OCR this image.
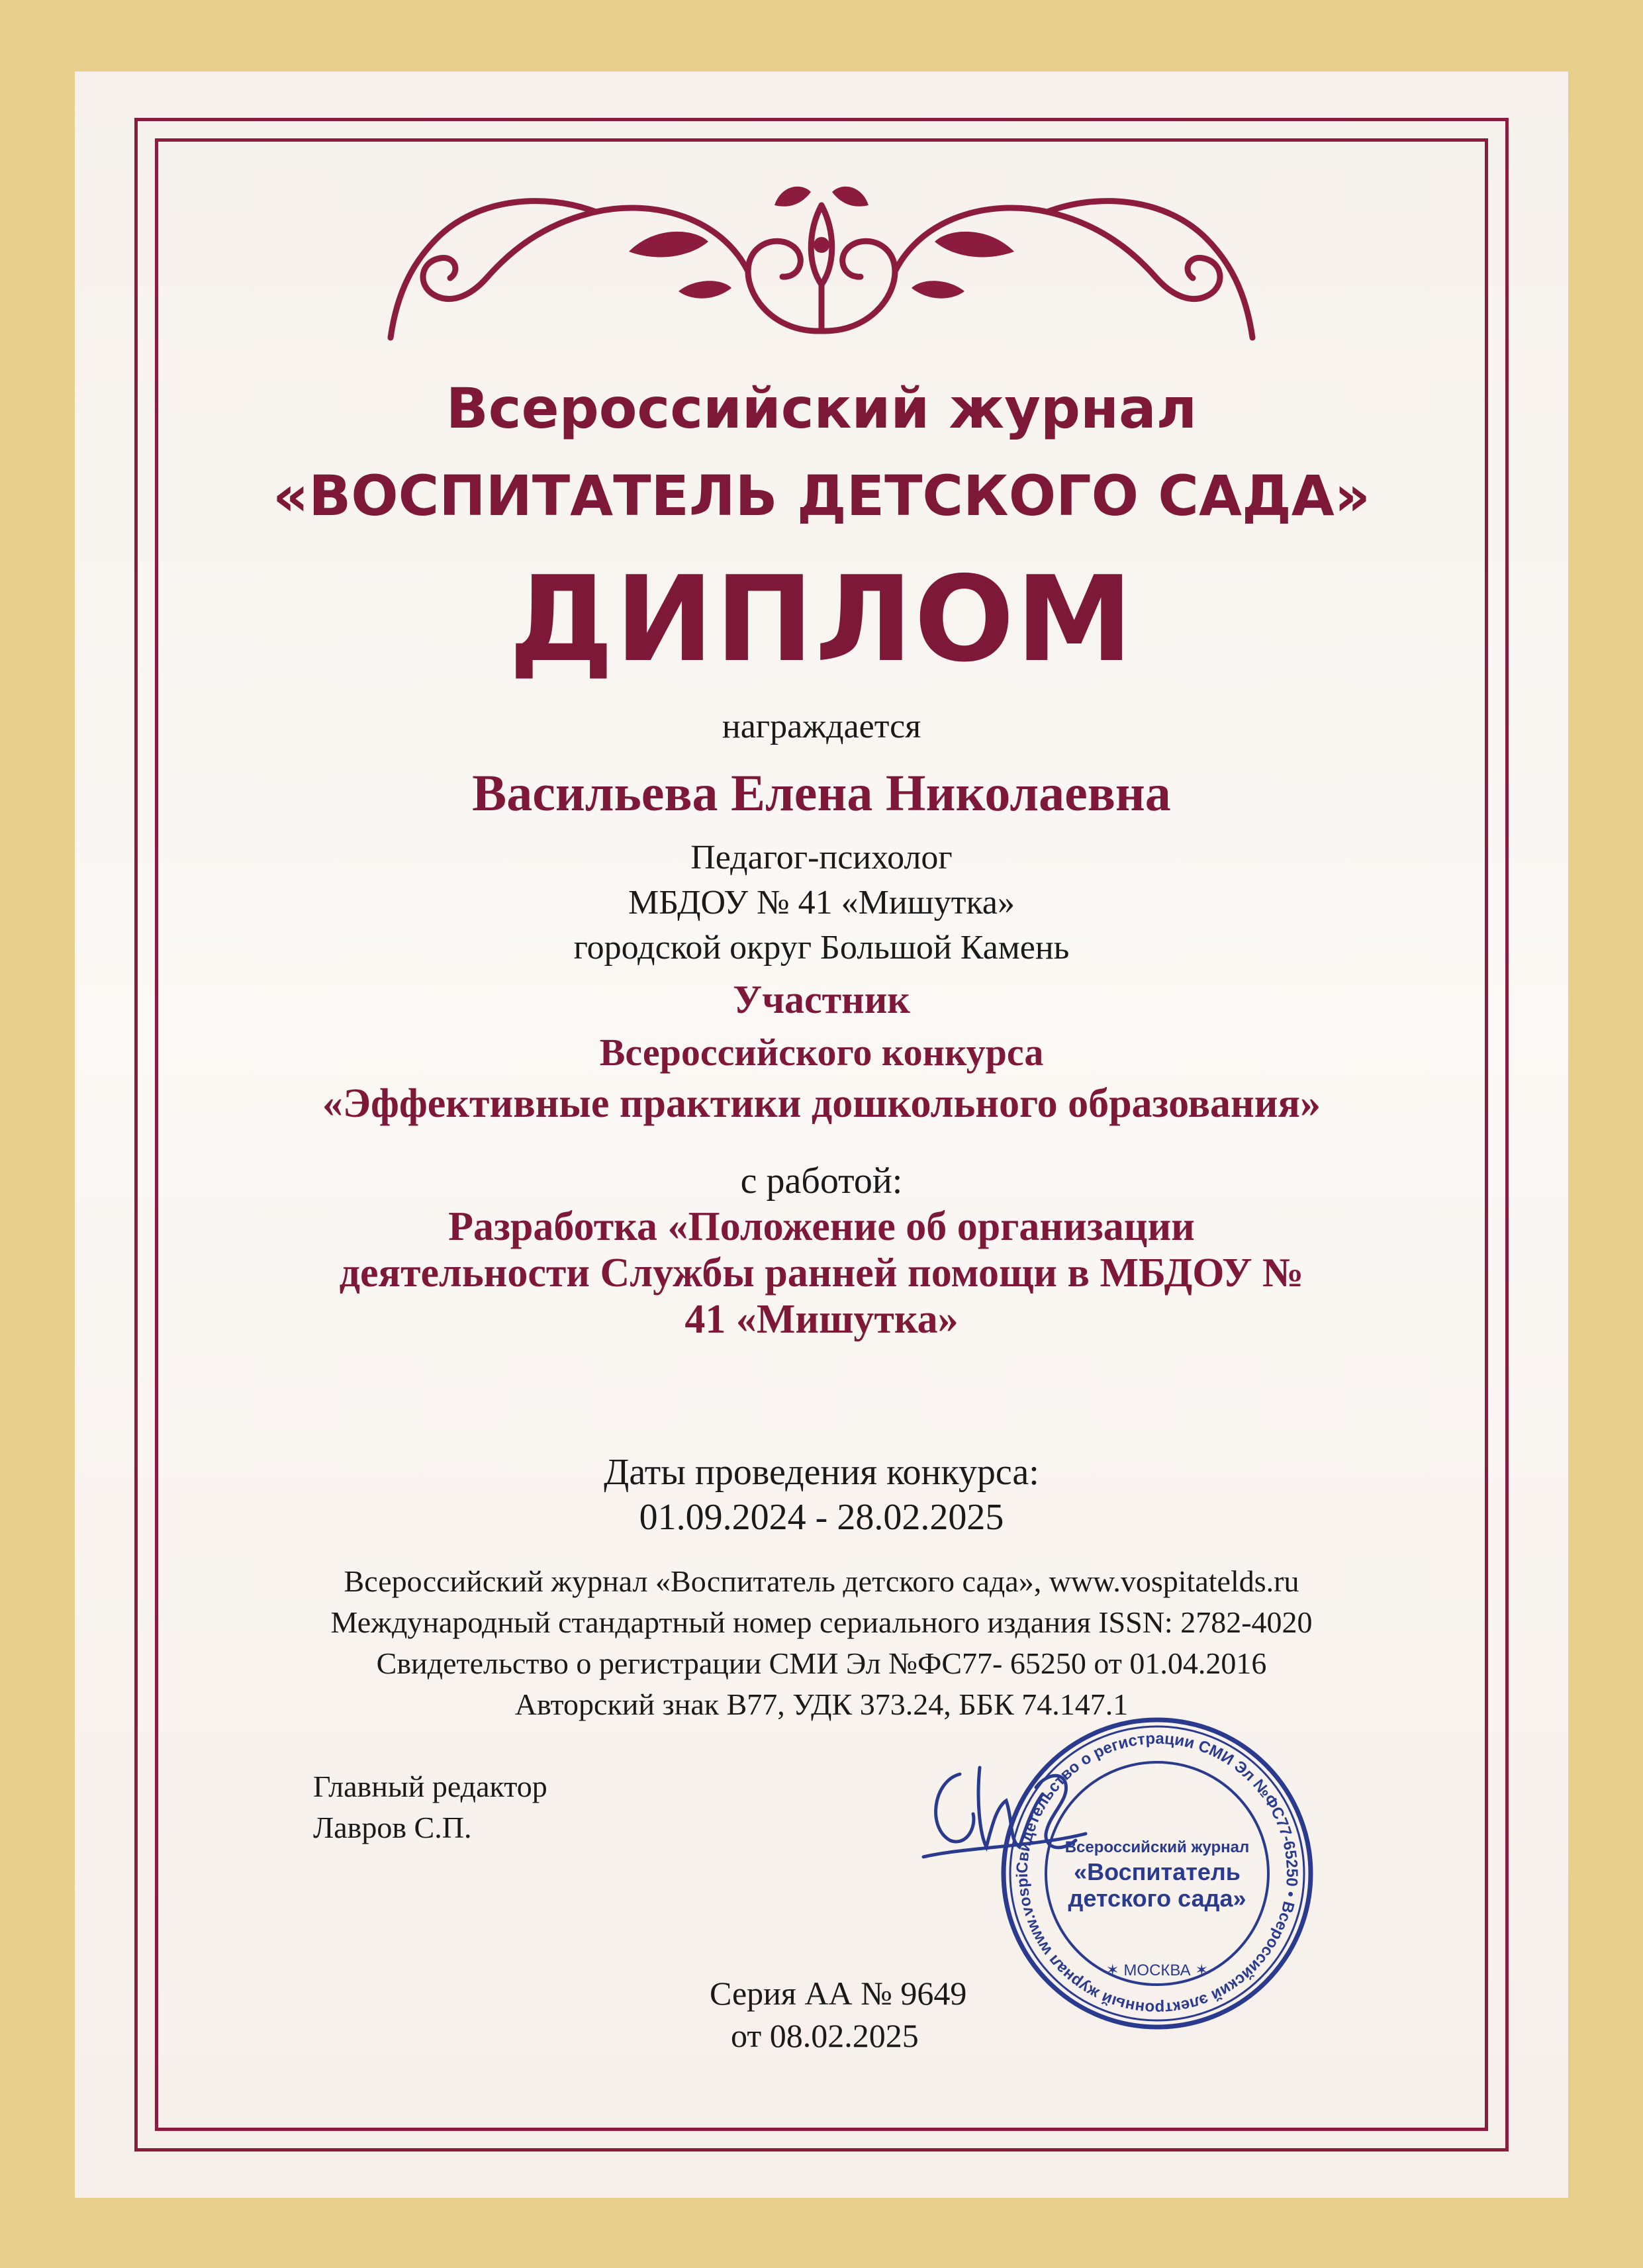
Всероссийский журнал
«ВОСПИТАТЕЛЬ ДЕТСКОГО САДА»
ДИПЛОМ
награждается
Васильева Елена Николаевна
Педагог-психолог
МБДОУ № 41 «Мишутка»
городской округ Большой Камень
Участник
Всероссийского конкурса
«Эффективные практики дошкольного образования»
с работой:
Разработка «Положение об организации
деятельности Службы ранней помощи в МБДОУ №
41 «Мишутка»
Даты проведения конкурса:
01.09.2024 - 28.02.2025
Всероссийский журнал «Воспитатель детского сада», www.vospitatelds.ru
Международный стандартный номер сериального издания ISSN: 2782-4020
Свидетельство о регистрации СМИ Эл №ФС77- 65250 от 01.04.2016
Авторский знак В77, УДК 373.24, ББК 74.147.1
Главный редактор
Лавров С.П.
Свидетельство о регистрации СМИ Эл №ФС77-65250 • Всероссийский электронный журнал www.vospi
Всероссийский журнал
«Воспитатель
детского сада»
✶ МОСКВА ✶
Серия АА № 9649
от 08.02.2025
